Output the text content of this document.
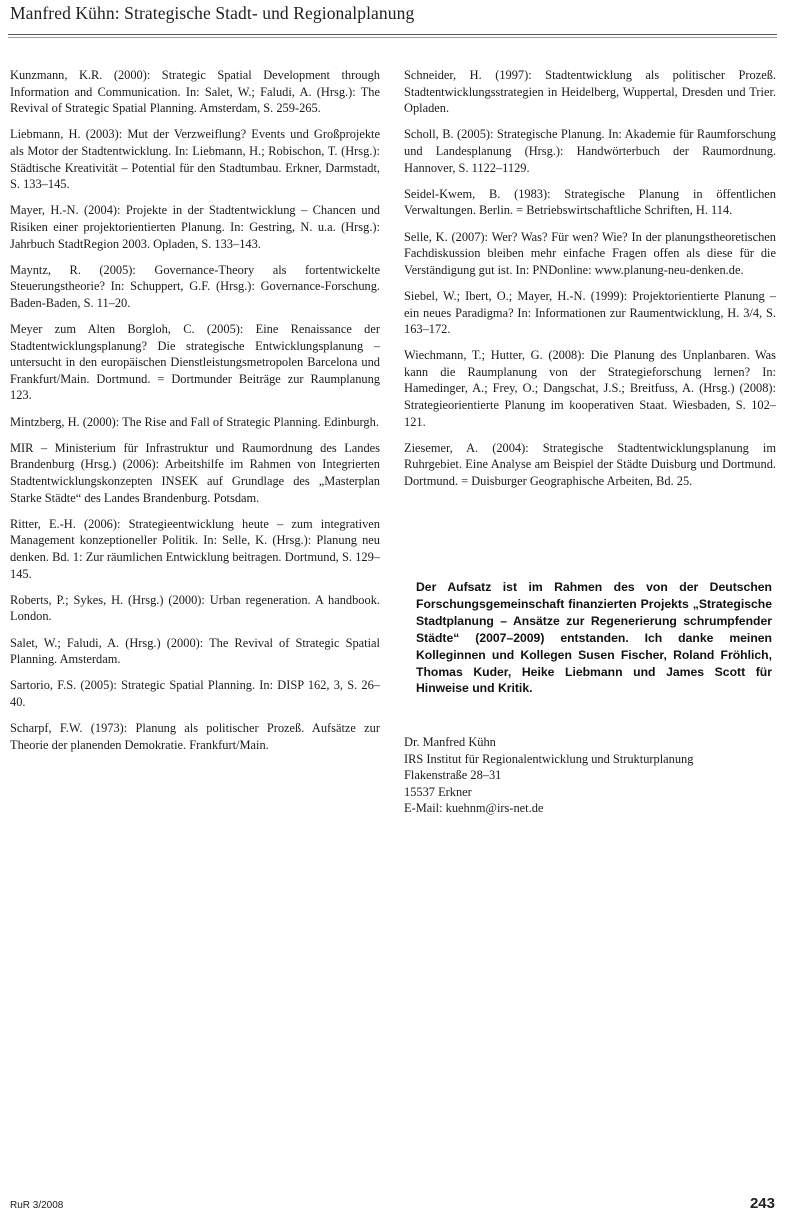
Manfred Kühn: Strategische Stadt- und Regionalplanung

Kunzmann, K.R. (2000): Strategic Spatial Development through Information and Communication. In: Salet, W.; Faludi, A. (Hrsg.): The Revival of Strategic Spatial Planning. Amsterdam, S. 259-265.

Liebmann, H. (2003): Mut der Verzweiflung? Events und Großprojekte als Motor der Stadtentwicklung. In: Liebmann, H.; Robischon, T. (Hrsg.): Städtische Kreativität – Potential für den Stadtumbau. Erkner, Darmstadt, S. 133–145.

Mayer, H.-N. (2004): Projekte in der Stadtentwicklung – Chancen und Risiken einer projektorientierten Planung. In: Gestring, N. u.a. (Hrsg.): Jahrbuch StadtRegion 2003. Opladen, S. 133–143.

Mayntz, R. (2005): Governance-Theory als fortentwickelte Steuerungstheorie? In: Schuppert, G.F. (Hrsg.): Governance-Forschung. Baden-Baden, S. 11–20.

Meyer zum Alten Borgloh, C. (2005): Eine Renaissance der Stadtentwicklungsplanung? Die strategische Entwicklungsplanung – untersucht in den europäischen Dienstleistungsmetropolen Barcelona und Frankfurt/Main. Dortmund. = Dortmunder Beiträge zur Raumplanung 123.

Mintzberg, H. (2000): The Rise and Fall of Strategic Planning. Edinburgh.

MIR – Ministerium für Infrastruktur und Raumordnung des Landes Brandenburg (Hrsg.) (2006): Arbeitshilfe im Rahmen von Integrierten Stadtentwicklungskonzepten INSEK auf Grundlage des „Masterplan Starke Städte“ des Landes Brandenburg. Potsdam.

Ritter, E.-H. (2006): Strategieentwicklung heute – zum integrativen Management konzeptioneller Politik. In: Selle, K. (Hrsg.): Planung neu denken. Bd. 1: Zur räumlichen Entwicklung beitragen. Dortmund, S. 129–145.

Roberts, P.; Sykes, H. (Hrsg.) (2000): Urban regeneration. A handbook. London.

Salet, W.; Faludi, A. (Hrsg.) (2000): The Revival of Strategic Spatial Planning. Amsterdam.

Sartorio, F.S. (2005): Strategic Spatial Planning. In: DISP 162, 3, S. 26–40.

Scharpf, F.W. (1973): Planung als politischer Prozeß. Aufsätze zur Theorie der planenden Demokratie. Frankfurt/Main.

Schneider, H. (1997): Stadtentwicklung als politischer Prozeß. Stadtentwicklungsstrategien in Heidelberg, Wuppertal, Dresden und Trier. Opladen.

Scholl, B. (2005): Strategische Planung. In: Akademie für Raumforschung und Landesplanung (Hrsg.): Handwörterbuch der Raumordnung. Hannover, S. 1122–1129.

Seidel-Kwem, B. (1983): Strategische Planung in öffentlichen Verwaltungen. Berlin. = Betriebswirtschaftliche Schriften, H. 114.

Selle, K. (2007): Wer? Was? Für wen? Wie? In der planungstheoretischen Fachdiskussion bleiben mehr einfache Fragen offen als diese für die Verständigung gut ist. In: PNDonline: www.planung-neu-denken.de.

Siebel, W.; Ibert, O.; Mayer, H.-N. (1999): Projektorientierte Planung – ein neues Paradigma? In: Informationen zur Raumentwicklung, H. 3/4, S. 163–172.

Wiechmann, T.; Hutter, G. (2008): Die Planung des Unplanbaren. Was kann die Raumplanung von der Strategieforschung lernen? In: Hamedinger, A.; Frey, O.; Dangschat, J.S.; Breitfuss, A. (Hrsg.) (2008): Strategieorientierte Planung im kooperativen Staat. Wiesbaden, S. 102–121.

Ziesemer, A. (2004): Strategische Stadtentwicklungsplanung im Ruhrgebiet. Eine Analyse am Beispiel der Städte Duisburg und Dortmund. Dortmund. = Duisburger Geographische Arbeiten, Bd. 25.

Der Aufsatz ist im Rahmen des von der Deutschen Forschungsgemeinschaft finanzierten Projekts „Strategische Stadtplanung – Ansätze zur Regenerierung schrumpfender Städte“ (2007–2009) entstanden. Ich danke meinen Kolleginnen und Kollegen Susen Fischer, Roland Fröhlich, Thomas Kuder, Heike Liebmann und James Scott für Hinweise und Kritik.
Dr. Manfred Kühn
IRS Institut für Regionalentwicklung und Strukturplanung
Flakenstraße 28–31
15537 Erkner
E-Mail: kuehnm@irs-net.de
RuR 3/2008	243
